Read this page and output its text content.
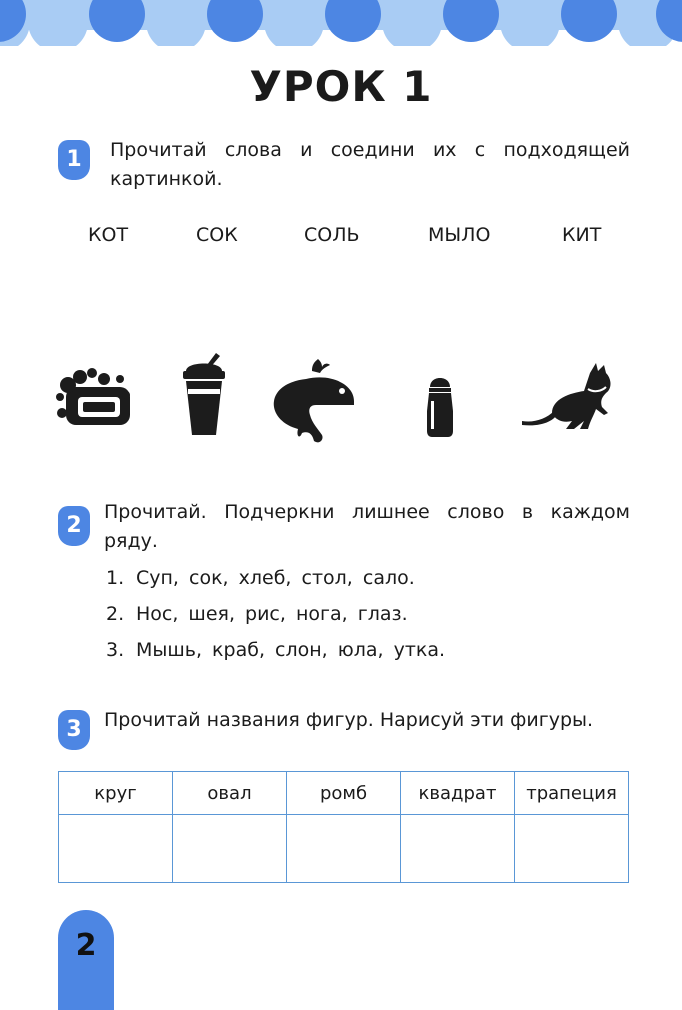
УРОК 1
1	Прочитай слова и соедини их с подходящей картинкой.
КОТ	СОК	СОЛЬ	МЫЛО	КИТ
2
Прочитай. Подчеркни лишнее слово в каждом ряду.
1. Суп, сок, хлеб, стол, сало.
2. Нос, шея, рис, нога, глаз.
3. Мышь, краб, слон, юла, утка.
3	Прочитай названия фигур. Нарисуй эти фигуры.
круг	овал	ромб	квадрат	трапеция

2
